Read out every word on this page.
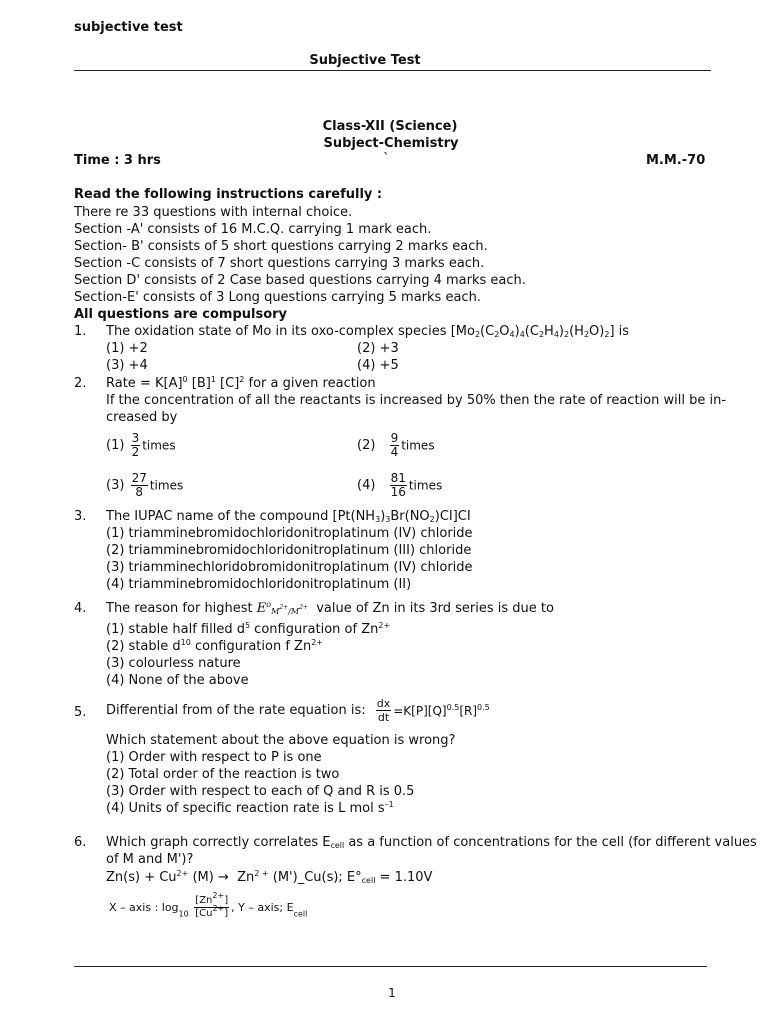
subjective test
Subjective Test
Class-XII (Science)
Subject-Chemistry
`
Time : 3 hrs	M.M.-70
Read the following instructions carefully :
There re 33 questions with internal choice.
Section -A' consists of 16 M.C.Q. carrying 1 mark each.
Section- B' consists of 5 short questions carrying 2 marks each.
Section -C consists of 7 short questions carrying 3 marks each.
Section D' consists of 2 Case based questions carrying 4 marks each.
Section-E' consists of 3 Long questions carrying 5 marks each.
All questions are compulsory
1. The oxidation state of Mo in its oxo-complex species $[Mo_2(C_2O_4)_4(C_2H_4)_2(H_2O)_2]$ is
(1) +2	(2) +3
(3) +4	(4) +5
2. Rate = $K[A]^0$ $[B]^1$ $[C]^2$ for a given reaction
If the concentration of all the reactants is increased by 50% then the rate of reaction will be in-
creased by
$(1) \frac{3}{2}$ times	$(2) \frac{9}{4}$ times
$(3) \frac{27}{8}$ times	$(4) \frac{81}{16}$ times
3. The IUPAC name of the compound $[Pt(NH_3)_3Br(NO_2)CI]CI$
(1) triamminebromidochloridonitroplatinum (IV) chloride
(2) triamminebromidochloridonitroplatinum (III) chloride
(3) triamminechloridobromidonitroplatinum (IV) chloride
(4) triamminebromidochloridonitroplatinum (II)
4. The reason for highest $E^o_{M^{2+}/M^{2+}}$ value of Zn in its 3rd series is due to
(1) stable half filled $d^5$ configuration of $Zn^{2+}$
(2) stable $d^{10}$ configuration f $Zn^{2+}$
(3) colourless nature
(4) None of the above
5. Differential from of the rate equation is: $\frac{dx}{dt} =K[P][Q]^{0.5}[R]^{0.5}$
Which statement about the above equation is wrong?
(1) Order with respect to P is one
(2) Total order of the reaction is two
(3) Order with respect to each of Q and R is 0.5
(4) Units of specific reaction rate is L mol $s^{-1}$
6. Which graph correctly correlates $E_{cell}$ as a function of concentrations for the cell (for different values
of M and M')?
$Zn(s) + Cu^{2+}$ $(M) \to Zn^{2 +}$ (M')_Cu(s); $E^\circ_{cell} = 1.10V$
X – axis : $\log_{10} \frac{[Zn^{2+}]}{[Cu^{2+}]}$ , Y – axis; $E_{cell}$
1
